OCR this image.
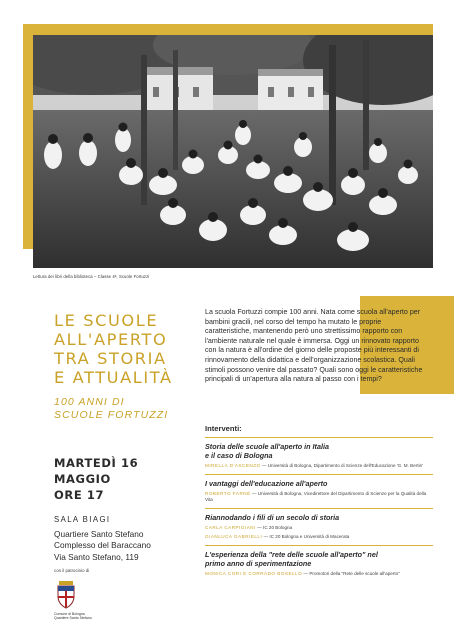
Lettura dei libri della biblioteca – Classe 4ª, Scuole Fortuzzi
LE SCUOLE
ALL'APERTO
TRA STORIA
E ATTUALITÀ
100 ANNI DI
SCUOLE FORTUZZI
MARTEDÌ 16
MAGGIO
ORE 17
SALA BIAGI
Quartiere Santo Stefano
Complesso del Baraccano
Via Santo Stefano, 119
con il patrocinio di
Comune di Bologna Quartiere Santo Stefano
La scuola Fortuzzi compie 100 anni. Nata come scuola all'aperto per bambini gracili, nel corso del tempo ha mutato le proprie caratteristiche, mantenendo però uno strettissimo rapporto con l'ambiente naturale nel quale è immersa. Oggi un rinnovato rapporto con la natura è all'ordine del giorno delle proposte più interessanti di rinnovamento della didattica e dell'organizzazione scolastica. Quali stimoli possono venire dal passato? Quali sono oggi le caratteristiche principali di un'apertura alla natura al passo con i tempi?
Interventi:
Storia delle scuole all'aperto in Italia
e il caso di Bologna
MIRELLA D'ASCENZO — Università di Bologna, Dipartimento di Scienze dell'Educazione 'G. M. Bertin'
I vantaggi dell'educazione all'aperto
ROBERTO FARNÉ — Università di Bologna, Vicedirettore del Dipartimento di Scienze per la Qualità della Vita
Riannodando i fili di un secolo di storia
CARLA CARPIGIANI — IC 20 Bologna
GIANLUCA GABRIELLI — IC 20 Bologna e Università di Macerata
L'esperienza della "rete delle scuole all'aperto" nel
primo anno di sperimentazione
MONICA CORI E CORRADO BOSELLO — Promotori della "Rete delle scuole all'aperto"
